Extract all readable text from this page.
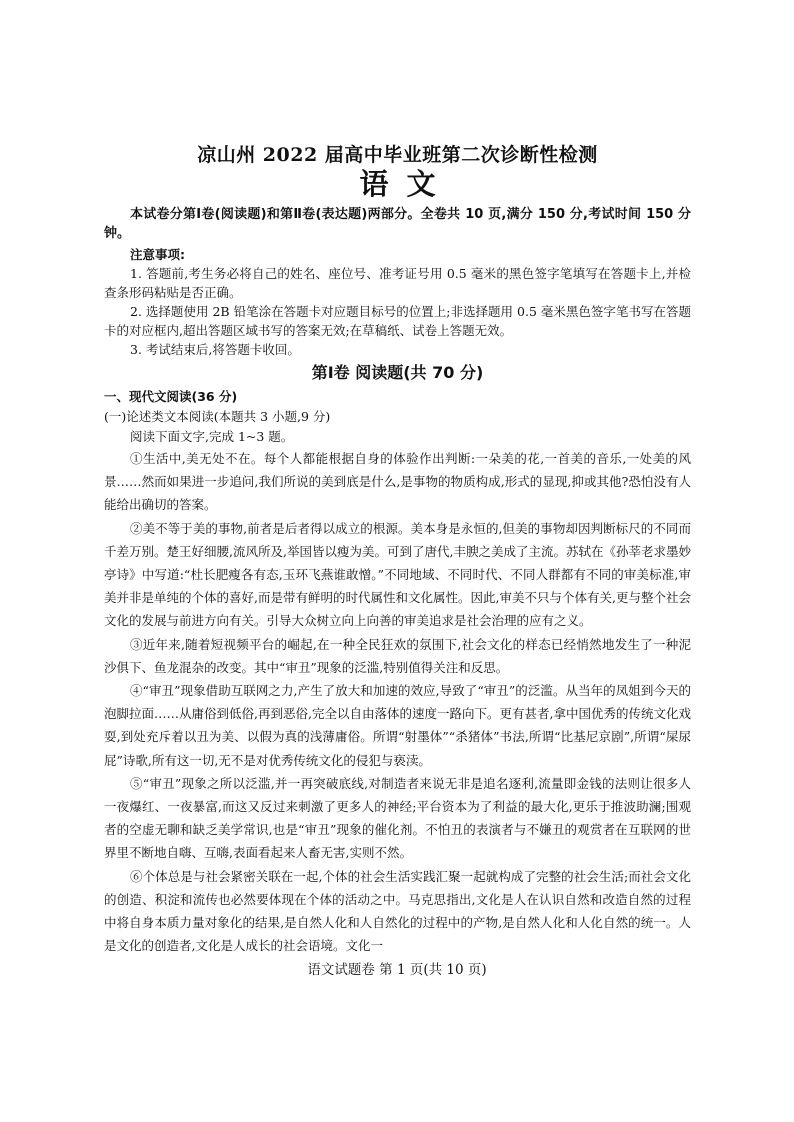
凉山州 2022 届高中毕业班第二次诊断性检测
语文

本试卷分第Ⅰ卷(阅读题)和第Ⅱ卷(表达题)两部分。全卷共 10 页,满分 150 分,考试时间 150 分钟。

注意事项:

1. 答题前,考生务必将自己的姓名、座位号、准考证号用 0.5 毫米的黑色签字笔填写在答题卡上,并检查条形码粘贴是否正确。

2. 选择题使用 2B 铅笔涂在答题卡对应题目标号的位置上;非选择题用 0.5 毫米黑色签字笔书写在答题卡的对应框内,超出答题区域书写的答案无效;在草稿纸、试卷上答题无效。

3. 考试结束后,将答题卡收回。

第Ⅰ卷 阅读题(共 70 分)

一、现代文阅读(36 分)

(一)论述类文本阅读(本题共 3 小题,9 分)

阅读下面文字,完成 1~3 题。

①生活中,美无处不在。每个人都能根据自身的体验作出判断:一朵美的花,一首美的音乐,一处美的风景……然而如果进一步追问,我们所说的美到底是什么,是事物的物质构成,形式的显现,抑或其他?恐怕没有人能给出确切的答案。

②美不等于美的事物,前者是后者得以成立的根源。美本身是永恒的,但美的事物却因判断标尺的不同而千差万别。楚王好细腰,流风所及,举国皆以瘦为美。可到了唐代,丰腴之美成了主流。苏轼在《孙莘老求墨妙亭诗》中写道:“杜长肥瘦各有态,玉环飞燕谁敢憎。”不同地域、不同时代、不同人群都有不同的审美标准,审美并非是单纯的个体的喜好,而是带有鲜明的时代属性和文化属性。因此,审美不只与个体有关,更与整个社会文化的发展与前进方向有关。引导大众树立向上向善的审美追求是社会治理的应有之义。

③近年来,随着短视频平台的崛起,在一种全民狂欢的氛围下,社会文化的样态已经悄然地发生了一种泥沙俱下、鱼龙混杂的改变。其中“审丑”现象的泛滥,特别值得关注和反思。

④“审丑”现象借助互联网之力,产生了放大和加速的效应,导致了“审丑”的泛滥。从当年的凤姐到今天的泡脚拉面……从庸俗到低俗,再到恶俗,完全以自由落体的速度一路向下。更有甚者,拿中国优秀的传统文化戏耍,到处充斥着以丑为美、以假为真的浅薄庸俗。所谓“射墨体”“杀猪体”书法,所谓“比基尼京剧”,所谓“屎尿屁”诗歌,所有这一切,无不是对优秀传统文化的侵犯与亵渎。

⑤“审丑”现象之所以泛滥,并一再突破底线,对制造者来说无非是追名逐利,流量即金钱的法则让很多人一夜爆红、一夜暴富,而这又反过来刺激了更多人的神经;平台资本为了利益的最大化,更乐于推波助澜;围观者的空虚无聊和缺乏美学常识,也是“审丑”现象的催化剂。不怕丑的表演者与不嫌丑的观赏者在互联网的世界里不断地自嗨、互嗨,表面看起来人畜无害,实则不然。

⑥个体总是与社会紧密关联在一起,个体的社会生活实践汇聚一起就构成了完整的社会生活;而社会文化的创造、积淀和流传也必然要体现在个体的活动之中。马克思指出,文化是人在认识自然和改造自然的过程中将自身本质力量对象化的结果,是自然人化和人自然化的过程中的产物,是自然人化和人化自然的统一。人是文化的创造者,文化是人成长的社会语境。文化一

语文试题卷 第 1 页(共 10 页)
